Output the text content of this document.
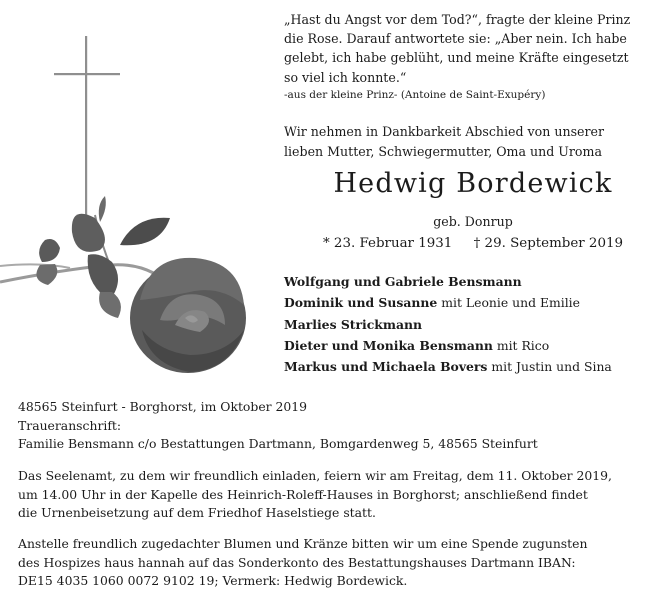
„Hast du Angst vor dem Tod?“, fragte der kleine Prinz
die Rose. Darauf antwortete sie: „Aber nein. Ich habe
gelebt, ich habe geblüht, und meine Kräfte eingesetzt
so viel ich konnte.“
-aus der kleine Prinz- (Antoine de Saint-Exupéry)
Wir nehmen in Dankbarkeit Abschied von unserer
lieben Mutter, Schwiegermutter, Oma und Uroma
Hedwig Bordewick
geb. Donrup
* 23. Februar 1931 † 29. September 2019
Wolfgang und Gabriele Bensmann
Dominik und Susanne mit Leonie und Emilie
Marlies Strickmann
Dieter und Monika Bensmann mit Rico
Markus und Michaela Bovers mit Justin und Sina
48565 Steinfurt - Borghorst, im Oktober 2019
Traueranschrift:
Familie Bensmann c/o Bestattungen Dartmann, Bomgardenweg 5, 48565 Steinfurt
Das Seelenamt, zu dem wir freundlich einladen, feiern wir am Freitag, dem 11. Oktober 2019,
um 14.00 Uhr in der Kapelle des Heinrich-Roleff-Hauses in Borghorst; anschließend findet
die Urnenbeisetzung auf dem Friedhof Haselstiege statt.
Anstelle freundlich zugedachter Blumen und Kränze bitten wir um eine Spende zugunsten
des Hospizes haus hannah auf das Sonderkonto des Bestattungshauses Dartmann IBAN:
DE15 4035 1060 0072 9102 19; Vermerk: Hedwig Bordewick.
